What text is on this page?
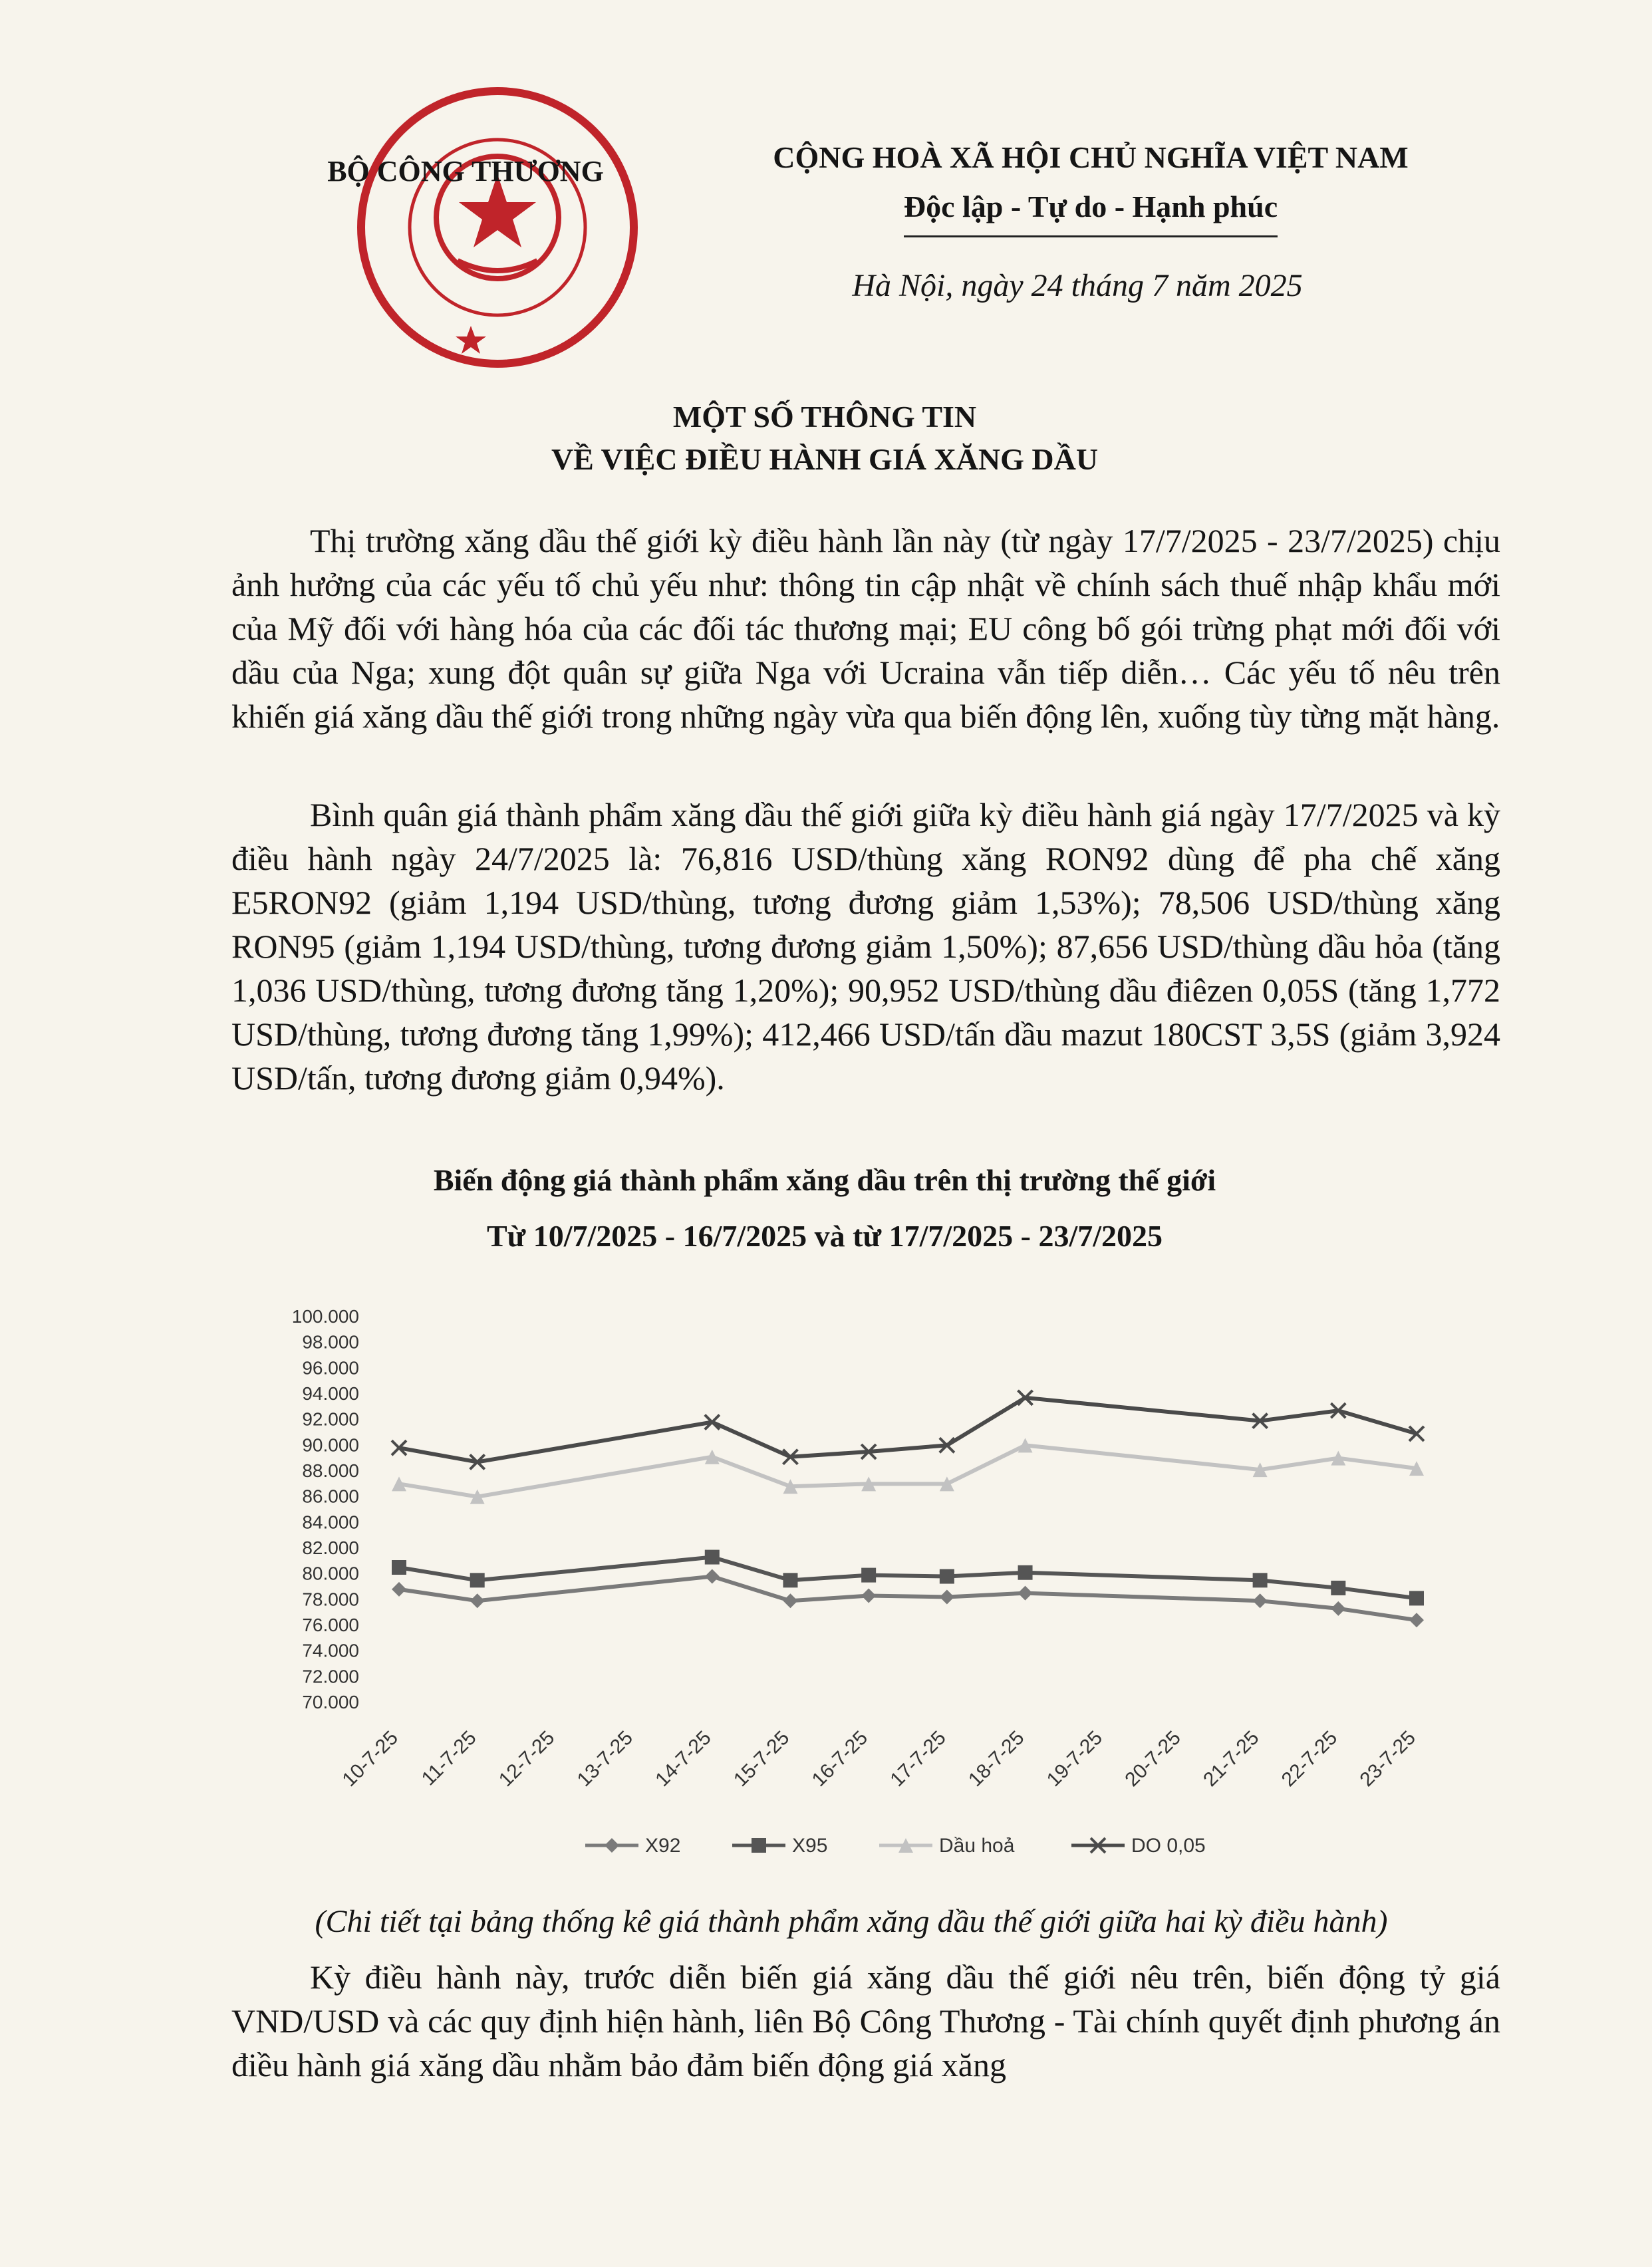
BỘ CÔNG THƯƠNG	CỘNG HOÀ XÃ HỘI CHỦ NGHĨA VIỆT NAM
Độc lập - Tự do - Hạnh phúc
Hà Nội, ngày 24 tháng 7 năm 2025
MỘT SỐ THÔNG TIN
VỀ VIỆC ĐIỀU HÀNH GIÁ XĂNG DẦU

Thị trường xăng dầu thế giới kỳ điều hành lần này (từ ngày 17/7/2025 - 23/7/2025) chịu ảnh hưởng của các yếu tố chủ yếu như: thông tin cập nhật về chính sách thuế nhập khẩu mới của Mỹ đối với hàng hóa của các đối tác thương mại; EU công bố gói trừng phạt mới đối với dầu của Nga; xung đột quân sự giữa Nga với Ucraina vẫn tiếp diễn… Các yếu tố nêu trên khiến giá xăng dầu thế giới trong những ngày vừa qua biến động lên, xuống tùy từng mặt hàng.

Bình quân giá thành phẩm xăng dầu thế giới giữa kỳ điều hành giá ngày 17/7/2025 và kỳ điều hành ngày 24/7/2025 là: 76,816 USD/thùng xăng RON92 dùng để pha chế xăng E5RON92 (giảm 1,194 USD/thùng, tương đương giảm 1,53%); 78,506 USD/thùng xăng RON95 (giảm 1,194 USD/thùng, tương đương giảm 1,50%); 87,656 USD/thùng dầu hỏa (tăng 1,036 USD/thùng, tương đương tăng 1,20%); 90,952 USD/thùng dầu điêzen 0,05S (tăng 1,772 USD/thùng, tương đương tăng 1,99%); 412,466 USD/tấn dầu mazut 180CST 3,5S (giảm 3,924 USD/tấn, tương đương giảm 0,94%).

Biến động giá thành phẩm xăng dầu trên thị trường thế giới
Từ 10/7/2025 - 16/7/2025 và từ 17/7/2025 - 23/7/2025
100.000
98.000
96.000
94.000
92.000
90.000
88.000
86.000
84.000
82.000
80.000
78.000
76.000
74.000
72.000
70.000
10-7-25 11-7-25 12-7-25 13-7-25 14-7-25 15-7-25 16-7-25 17-7-25 18-7-25 19-7-25 20-7-25 21-7-25 22-7-25 23-7-25
X92	X95	Dầu hoả	DO 0,05
(Chi tiết tại bảng thống kê giá thành phẩm xăng dầu thế giới giữa hai kỳ điều hành)

Kỳ điều hành này, trước diễn biến giá xăng dầu thế giới nêu trên, biến động tỷ giá VND/USD và các quy định hiện hành, liên Bộ Công Thương - Tài chính quyết định phương án điều hành giá xăng dầu nhằm bảo đảm biến động giá xăng
